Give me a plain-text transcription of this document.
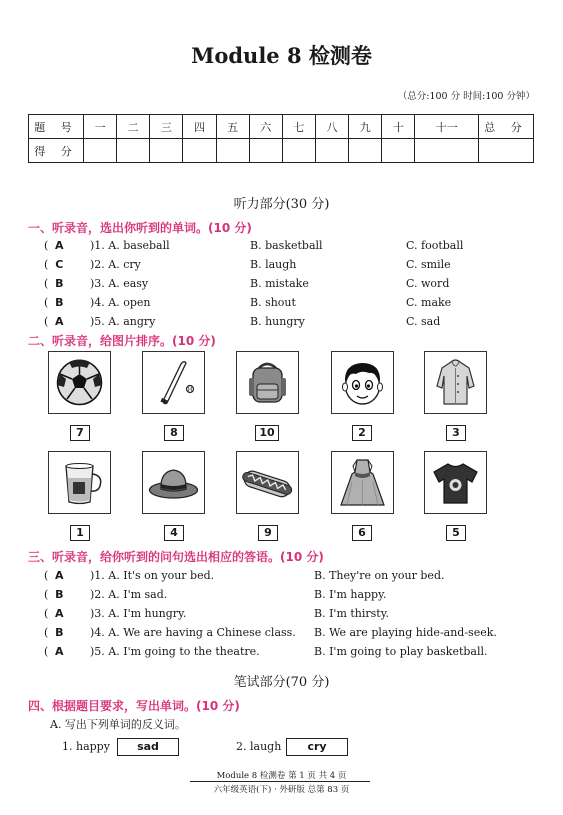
Module 8 检测卷
（总分:100 分 时间:100 分钟）
题 号	一	二	三	四	五	六	七	八	九	十	十一	总 分
得 分												
听力部分(30 分)
一、听录音，选出你听到的单词。(10 分)
( A )1. A. baseball	B. basketball	C. football
( C )2. A. cry	B. laugh	C. smile
( B )3. A. easy	B. mistake	C. word
( B )4. A. open	B. shout	C. make
( A )5. A. angry	B. hungry	C. sad
二、听录音，给图片排序。(10 分)
7	8	10	2	3
1	4	9	6	5
三、听录音，给你听到的问句选出相应的答语。(10 分)
( A )1. A. It's on your bed.	B. They're on your bed.
( B )2. A. I'm sad.	B. I'm happy.
( A )3. A. I'm hungry.	B. I'm thirsty.
( B )4. A. We are having a Chinese class. B. We are playing hide-and-seek.
( A )5. A. I'm going to the theatre.	B. I'm going to play basketball.
笔试部分(70 分)
四、根据题目要求，写出单词。(10 分)
A. 写出下列单词的反义词。
1. happy	sad	2. laugh	cry
Module 8 检测卷 第 1 页 共 4 页
六年级英语(下) · 外研版 总第 83 页
